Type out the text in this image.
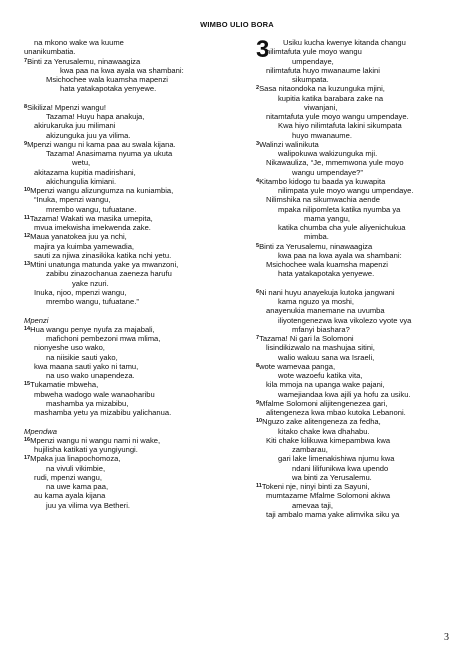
WIMBO ULIO BORA
na mkono wake wa kuume
unanikumbatia.
$^7$Binti za Yerusalemu, ninawaagiza
kwa paa na kwa ayala wa shambani:
Msichochee wala kuamsha mapenzi
hata yatakapotaka yenyewe.
$^8$Sikiliza! Mpenzi wangu!
Tazama! Huyu hapa anakuja,
akirukaruka juu milimani
akizunguka juu ya vilima.
$^9$Mpenzi wangu ni kama paa au swala kijana.
Tazama! Anasimama nyuma ya ukuta
wetu,
akitazama kupitia madirishani,
akichungulia kimiani.
$^{10}$Mpenzi wangu alizungumza na kuniambia,
“Inuka, mpenzi wangu,
mrembo wangu, tufuatane.
$^{11}$Tazama! Wakati wa masika umepita,
mvua imekwisha imekwenda zake.
$^{12}$Maua yanatokea juu ya nchi,
majira ya kuimba yamewadia,
sauti za njiwa zinasikika katika nchi yetu.
$^{13}$Mtini unatunga matunda yake ya mwanzoni,
zabibu zinazochanua zaeneza harufu
yake nzuri.
Inuka, njoo, mpenzi wangu,
mrembo wangu, tufuatane.”
Mpenzi
$^{14}$Hua wangu penye nyufa za majabali,
mafichoni pembezoni mwa mlima,
nionyeshe uso wako,
na niisikie sauti yako,
kwa maana sauti yako ni tamu,
na uso wako unapendeza.
$^{15}$Tukamatie mbweha,
mbweha wadogo wale wanaoharibu
mashamba ya mizabibu,
mashamba yetu ya mizabibu yalichanua.
Mpendwa
$^{16}$Mpenzi wangu ni wangu nami ni wake,
hujilisha katikati ya yungiyungi.
$^{17}$Mpaka jua linapochomoza,
na vivuli vikimbie,
rudi, mpenzi wangu,
na uwe kama paa,
au kama ayala kijana
juu ya vilima vya Betheri.
3	Usiku kucha kwenye kitanda changu
nilimtafuta yule moyo wangu
umpendaye,
nilimtafuta huyo mwanaume lakini
sikumpata.
$^2$Sasa nitaondoka na kuzunguka mjini,
kupitia katika barabara zake na
viwanjani,
nitamtafuta yule moyo wangu umpendaye.
Kwa hiyo nilimtafuta lakini sikumpata
huyo mwanaume.
$^3$Walinzi walinikuta
walipokuwa wakizunguka mji.
Nikawauliza, “Je, mmemwona yule moyo
wangu umpendaye?”
$^4$Kitambo kidogo tu baada ya kuwapita
nilimpata yule moyo wangu umpendaye.
Nilimshika na sikumwachia aende
mpaka nilipomleta katika nyumba ya
mama yangu,
katika chumba cha yule aliyenichukua
mimba.
$^5$Binti za Yerusalemu, ninawaagiza
kwa paa na kwa ayala wa shambani:
Msichochee wala kuamsha mapenzi
hata yatakapotaka yenyewe.
$^6$Ni nani huyu anayekuja kutoka jangwani
kama nguzo ya moshi,
anayenukia manemane na uvumba
iliyotengenezwa kwa vikolezo vyote vya
mfanyi biashara?
$^7$Tazama! Ni gari la Solomoni
lisindikizwalo na mashujaa sitini,
walio wakuu sana wa Israeli,
$^8$wote wamevaa panga,
wote wazoefu katika vita,
kila mmoja na upanga wake pajani,
wamejiandaa kwa ajili ya hofu za usiku.
$^9$Mfalme Solomoni alijitengenezea gari,
alitengeneza kwa mbao kutoka Lebanoni.
$^{10}$Nguzo zake alitengeneza za fedha,
kitako chake kwa dhahabu.
Kiti chake kilikuwa kimepambwa kwa
zambarau,
gari lake limenakishiwa njumu kwa
ndani lilifunikwa kwa upendo
wa binti za Yerusalemu.
$^{11}$Tokeni nje, ninyi binti za Sayuni,
mumtazame Mfalme Solomoni akiwa
amevaa taji,
taji ambalo mama yake alimvika siku ya
3
